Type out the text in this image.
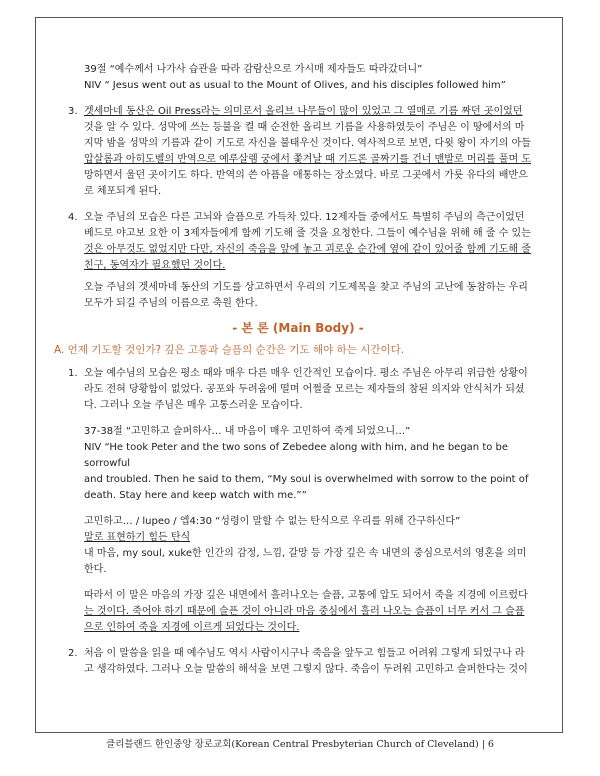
39절 “예수께서 나가사 습관을 따라 감람산으로 가시매 제자들도 따라갔더니”

NIV “ Jesus went out as usual to the Mount of Olives, and his disciples followed him”

3. 겟세마네 동산은 Oil Press라는 의미로서 올리브 나무들이 많이 있었고 그 열매로 기름 짜던 곳이었던

것을 알 수 있다. 성막에 쓰는 등불을 켤 때 순전한 올리브 기름을 사용하였듯이 주님은 이 땅에서의 마

지막 밤을 성막의 기름과 같이 기도로 자신을 불태우신 것이다. 역사적으로 보면, 다윗 왕이 자기의 아들

압살롬과 아히도벨의 반역으로 예루살렘 궁에서 쫓겨날 때 기드론 골짜기를 건너 맨발로 머리를 풀며 도

망하면서 울던 곳이기도 하다. 반역의 쓴 아픔을 애통하는 장소였다. 바로 그곳에서 가룟 유다의 배반으

로 체포되게 된다.

4. 오늘 주님의 모습은 다른 고뇌와 슬픔으로 가득차 있다. 12제자들 중에서도 특별히 주님의 측근이었던

베드로 야고보 요한 이 3제자들에게 함께 기도해 줄 것을 요청한다. 그들이 예수님을 위해 해 줄 수 있는

것은 아무것도 없었지만 다만, 자신의 죽음을 앞에 놓고 괴로운 순간에 옆에 같이 있어줄 함께 기도해 줄

친구, 동역자가 필요했던 것이다.

오늘 주님의 겟세마네 동산의 기도를 상고하면서 우리의 기도제목을 찾고 주님의 고난에 동참하는 우리

모두가 되길 주님의 이름으로 축원 한다.

- 본 론 (Main Body) -
A. 언제 기도할 것인가? 깊은 고통과 슬픔의 순간은 기도 해야 하는 시간이다.
1. 오늘 예수님의 모습은 평소 때와 매우 다른 매우 인간적인 모습이다. 평소 주님은 아무리 위급한 상황이

라도 전혀 당황함이 없었다. 공포와 두려움에 떨며 어쩔줄 모르는 제자들의 참된 의지와 안식처가 되셨

다. 그러나 오늘 주님은 매우 고통스러운 모습이다.

37-38절 “고민하고 슬퍼하사… 내 마음이 매우 고민하여 죽게 되었으니…”

NIV “He took Peter and the two sons of Zebedee along with him, and he began to be sorrowful

and troubled. Then he said to them, “My soul is overwhelmed with sorrow to the point of

death. Stay here and keep watch with me.””

고민하고… / lupeo / 엡4:30 “성령이 말할 수 없는 탄식으로 우리를 위해 간구하신다”

말로 표현하기 힘든 탄식

내 마음, my soul, xuke한 인간의 감정, 느낌, 갈망 등 가장 깊은 속 내면의 중심으로서의 영혼을 의미

한다.

따라서 이 말은 마음의 가장 깊은 내면에서 흘러나오는 슬픔, 고통에 압도 되어서 죽을 지경에 이르렀다

는 것이다. 죽어야 하기 때문에 슬픈 것이 아니라 마음 중심에서 흘러 나오는 슬픔이 너무 커서 그 슬픔

으로 인하여 죽을 지경에 이르게 되었다는 것이다.

2. 처음 이 말씀을 읽을 때 예수님도 역시 사람이시구나 죽음을 앞두고 힘들고 어려워 그렇게 되었구나 라

고 생각하였다. 그러나 오늘 말씀의 해석을 보면 그렇지 않다. 죽음이 두려워 고민하고 슬퍼한다는 것이

클리블랜드 한인중앙 장로교회(Korean Central Presbyterian Church of Cleveland) | 6
